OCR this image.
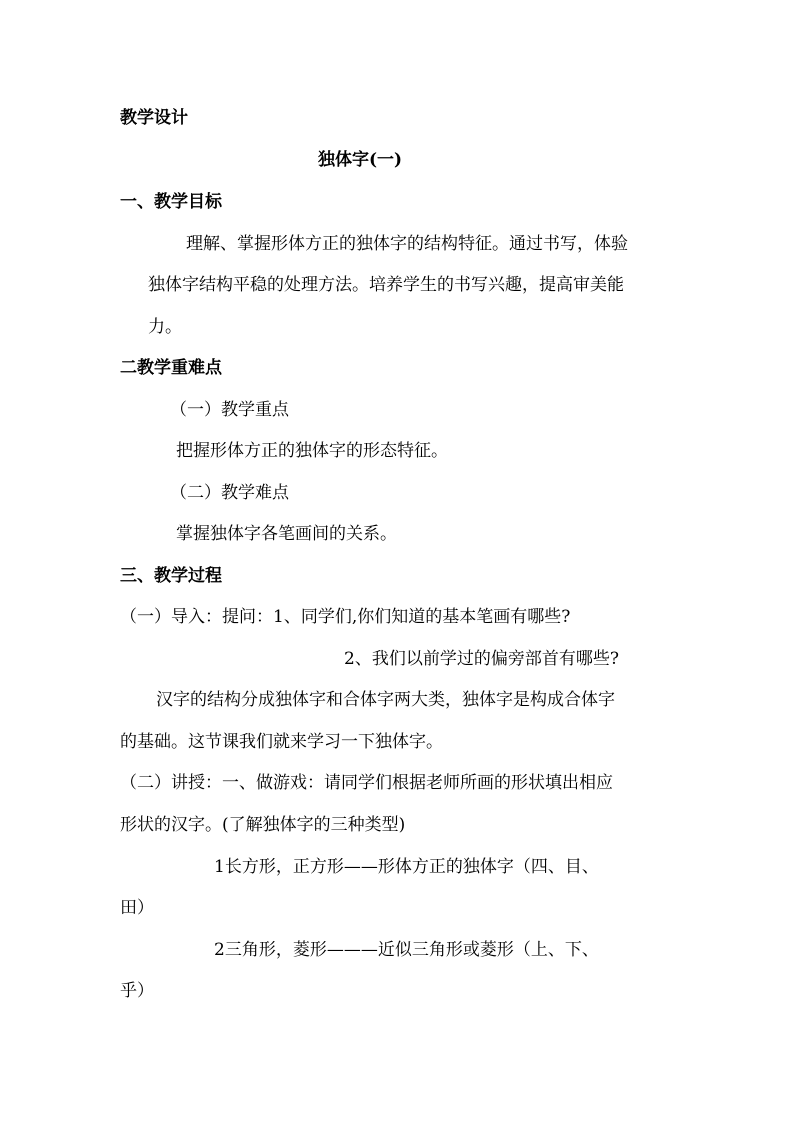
教学设计

独体字(一)

一、教学目标

理解、掌握形体方正的独体字的结构特征。通过书写，体验

独体字结构平稳的处理方法。培养学生的书写兴趣，提高审美能

力。

二教学重难点

（一）教学重点

把握形体方正的独体字的形态特征。

（二）教学难点

掌握独体字各笔画间的关系。

三、教学过程

（一）导入：提问：1、同学们,你们知道的基本笔画有哪些?

2、我们以前学过的偏旁部首有哪些?

汉字的结构分成独体字和合体字两大类，独体字是构成合体字

的基础。这节课我们就来学习一下独体字。

（二）讲授：一、做游戏：请同学们根据老师所画的形状填出相应

形状的汉字。(了解独体字的三种类型)

1长方形，正方形——形体方正的独体字（四、目、

田）

2三角形，菱形———近似三角形或菱形（上、下、

乎）
